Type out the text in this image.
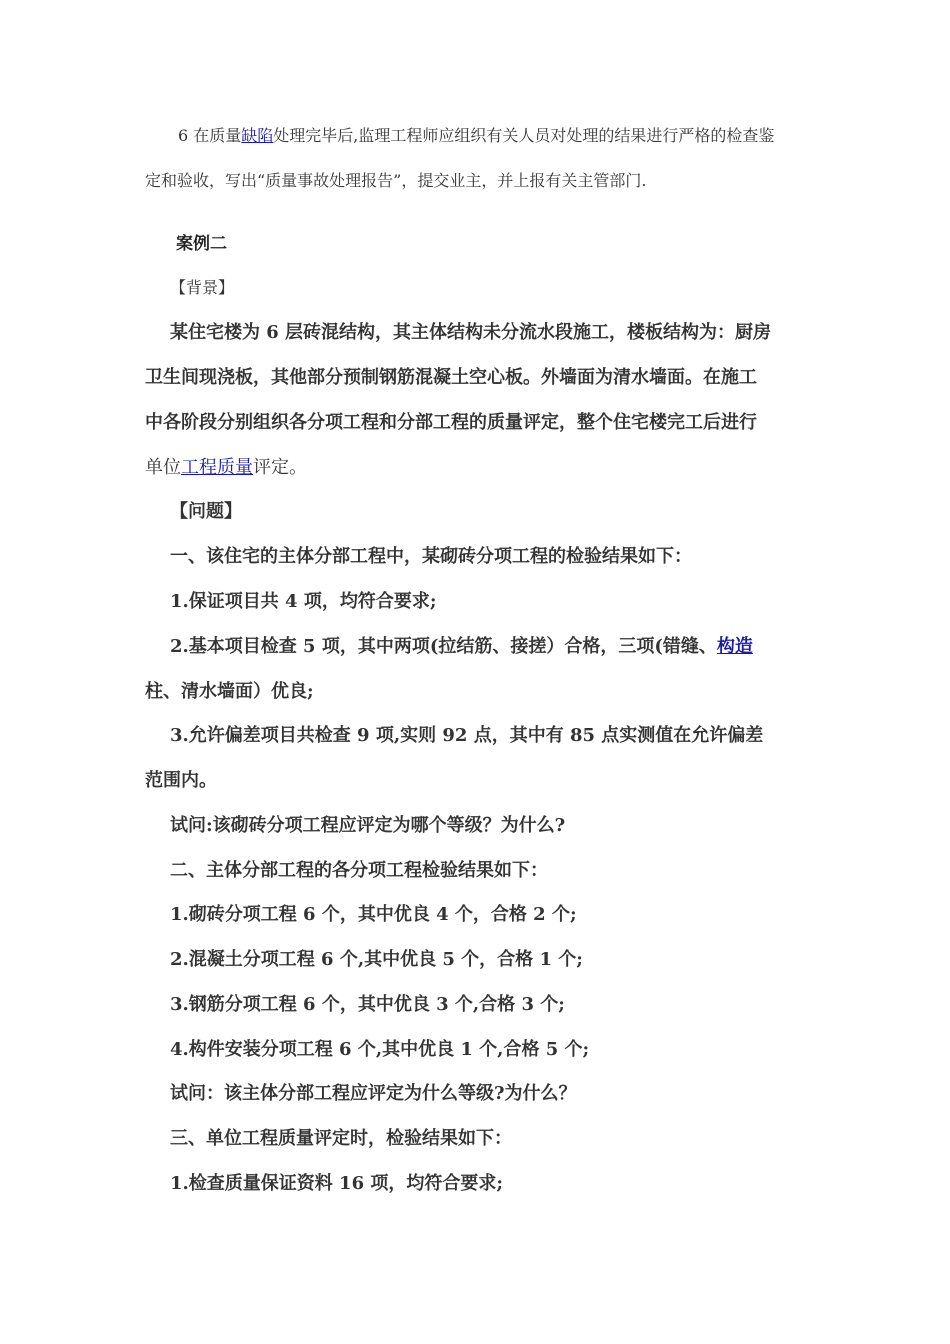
6 在质量缺陷处理完毕后,监理工程师应组织有关人员对处理的结果进行严格的检查鉴
定和验收，写出“质量事故处理报告”，提交业主，并上报有关主管部门.
案例二
【背景】
某住宅楼为 6 层砖混结构，其主体结构未分流水段施工，楼板结构为：厨房
卫生间现浇板，其他部分预制钢筋混凝土空心板。外墙面为清水墙面。在施工
中各阶段分别组织各分项工程和分部工程的质量评定，整个住宅楼完工后进行
单位工程质量评定。
【问题】
一、该住宅的主体分部工程中，某砌砖分项工程的检验结果如下：
1.保证项目共 4 项，均符合要求;
2.基本项目检查 5 项，其中两项(拉结筋、接搓）合格，三项(错缝、构造
柱、清水墙面）优良;
3.允许偏差项目共检查 9 项,实则 92 点，其中有 85 点实测值在允许偏差
范围内。
试问:该砌砖分项工程应评定为哪个等级？为什么?
二、主体分部工程的各分项工程检验结果如下：
1.砌砖分项工程 6 个，其中优良 4 个，合格 2 个;
2.混凝土分项工程 6 个,其中优良 5 个，合格 1 个;
3.钢筋分项工程 6 个，其中优良 3 个,合格 3 个;
4.构件安装分项工程 6 个,其中优良 1 个,合格 5 个;
试问：该主体分部工程应评定为什么等级?为什么？
三、单位工程质量评定时，检验结果如下：
1.检查质量保证资料 16 项，均符合要求;
